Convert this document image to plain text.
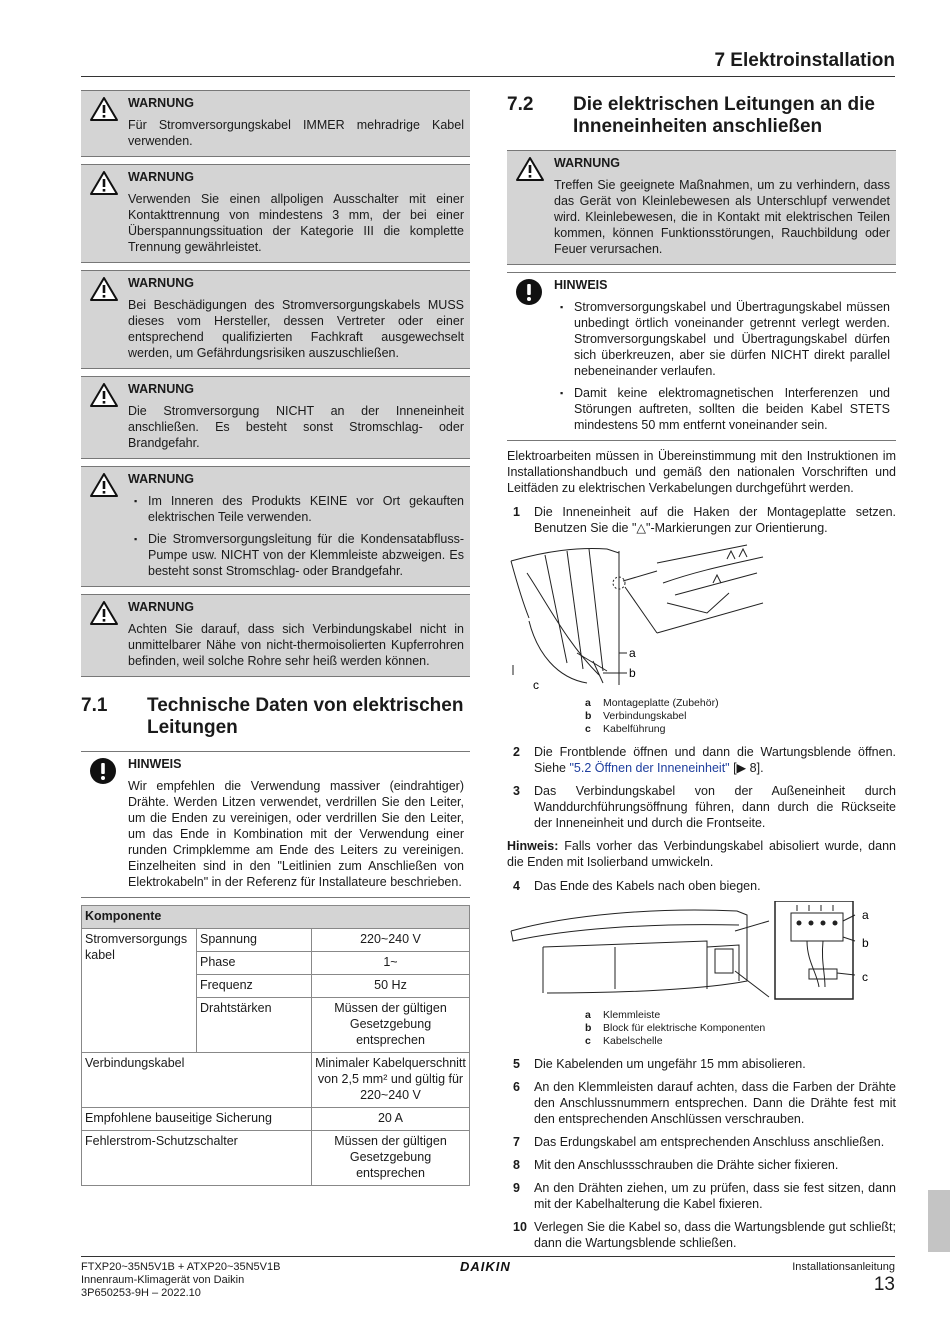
7 Elektroinstallation
WARNUNG

Für Stromversorgungskabel IMMER mehradrige Kabel verwenden.

WARNUNG

Verwenden Sie einen allpoligen Ausschalter mit einer Kontakttrennung von mindestens 3 mm, der bei einer Überspannungssituation der Kategorie III die komplette Trennung gewährleistet.

WARNUNG

Bei Beschädigungen des Stromversorgungskabels MUSS dieses vom Hersteller, dessen Vertreter oder einer entsprechend qualifizierten Fachkraft ausgewechselt werden, um Gefährdungsrisiken auszuschließen.

WARNUNG

Die Stromversorgung NICHT an der Inneneinheit anschließen. Es besteht sonst Stromschlag- oder Brandgefahr.

WARNUNG
▪ Im Inneren des Produkts KEINE vor Ort gekauften elektrischen Teile verwenden.
▪ Die Stromversorgungsleitung für die Kondensatabfluss-Pumpe usw. NICHT von der Klemmleiste abzweigen. Es besteht sonst Stromschlag- oder Brandgefahr.
WARNUNG

Achten Sie darauf, dass sich Verbindungskabel nicht in unmittelbarer Nähe von nicht-thermoisolierten Kupferrohren befinden, weil solche Rohre sehr heiß werden können.

7.1	Technische Daten von elektrischen Leitungen
HINWEIS

Wir empfehlen die Verwendung massiver (eindrahtiger) Drähte. Werden Litzen verwendet, verdrillen Sie den Leiter, um die Enden zu vereinigen, oder verdrillen Sie den Leiter, um das Ende in Kombination mit der Verwendung einer runden Crimpklemme am Ende des Leiters zu vereinigen. Einzelheiten sind in den "Leitlinien zum Anschließen von Elektrokabeln" in der Referenz für Installateure beschrieben.

Komponente		
Stromversorgungskabel	Spannung	220~240 V
	Phase	1~
	Frequenz	50 Hz
	Drahtstärken	Müssen der gültigen Gesetzgebung entsprechen
Verbindungskabel		Minimaler Kabelquerschnitt von 2,5 mm² und gültig für 220~240 V
Empfohlene bauseitige Sicherung		20 A
Fehlerstrom-Schutzschalter		Müssen der gültigen Gesetzgebung entsprechen
7.2	Die elektrischen Leitungen an die Inneneinheiten anschließen
WARNUNG

Treffen Sie geeignete Maßnahmen, um zu verhindern, dass das Gerät von Kleinlebewesen als Unterschlupf verwendet wird. Kleinlebewesen, die in Kontakt mit elektrischen Teilen kommen, können Funktionsstörungen, Rauchbildung oder Feuer verursachen.

HINWEIS
▪ Stromversorgungskabel und Übertragungskabel müssen unbedingt örtlich voneinander getrennt verlegt werden. Stromversorgungskabel und Übertragungskabel dürfen sich überkreuzen, aber sie dürfen NICHT direkt parallel nebeneinander verlaufen.
▪ Damit keine elektromagnetischen Interferenzen und Störungen auftreten, sollten die beiden Kabel STETS mindestens 50 mm entfernt voneinander sein.

Elektroarbeiten müssen in Übereinstimmung mit den Instruktionen im Installationshandbuch und gemäß den nationalen Vorschriften und Leitfäden zu elektrischen Verkabelungen durchgeführt werden.

1	Die Inneneinheit auf die Haken der Montageplatte setzen. Benutzen Sie die "△"-Markierungen zur Orientierung.
a
b
c
a	Montageplatte (Zubehör)
b	Verbindungskabel
c	Kabelführung
2	Die Frontblende öffnen und dann die Wartungsblende öffnen. Siehe "5.2 Öffnen der Inneneinheit" [▶ 8].
3	Das Verbindungskabel von der Außeneinheit durch Wanddurchführungsöffnung führen, dann durch die Rückseite der Inneneinheit und durch die Frontseite.

Hinweis: Falls vorher das Verbindungskabel abisoliert wurde, dann die Enden mit Isolierband umwickeln.

4	Das Ende des Kabels nach oben biegen.
a
b
c
a	Klemmleiste
b	Block für elektrische Komponenten
c	Kabelschelle
5	Die Kabelenden um ungefähr 15 mm abisolieren.
6	An den Klemmleisten darauf achten, dass die Farben der Drähte den Anschlussnummern entsprechen. Dann die Drähte fest mit den entsprechenden Anschlüssen verschrauben.
7	Das Erdungskabel am entsprechenden Anschluss anschließen.
8	Mit den Anschlussschrauben die Drähte sicher fixieren.
9	An den Drähten ziehen, um zu prüfen, dass sie fest sitzen, dann mit der Kabelhalterung die Kabel fixieren.
10 Verlegen Sie die Kabel so, dass die Wartungsblende gut schließt; dann die Wartungsblende schließen.
FTXP20~35N5V1B + ATXP20~35N5V1B
Innenraum-Klimagerät von Daikin
3P650253-9H – 2022.10
DAIKIN	Installationsanleitung
13
